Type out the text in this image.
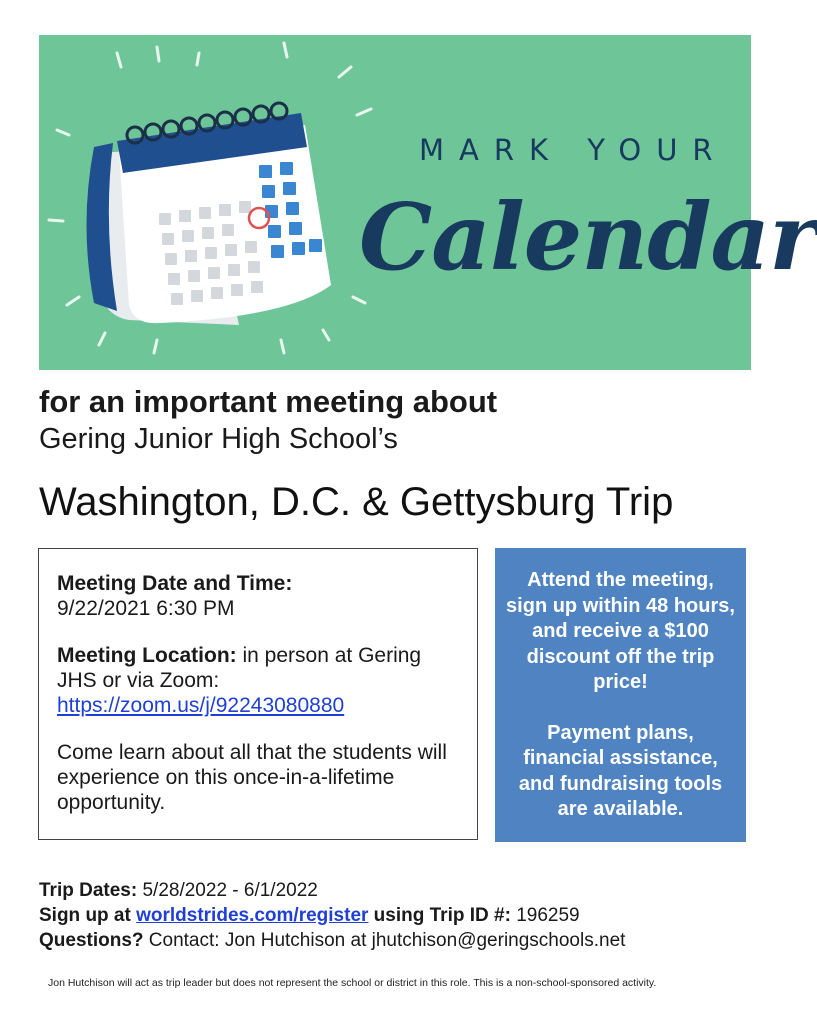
MARK YOUR
Calendar
for an important meeting about
Gering Junior High School’s
Washington, D.C. & Gettysburg Trip

Meeting Date and Time:

9/22/2021 6:30 PM

Meeting Location: in person at Gering JHS or via Zoom:

https://zoom.us/j/92243080880

Come learn about all that the students will experience on this once-in-a-lifetime opportunity.

Attend the meeting, sign up within 48 hours, and receive a $100 discount off the trip price!

Payment plans, financial assistance, and fundraising tools are available.

Trip Dates: 5/28/2022 - 6/1/2022
Sign up at worldstrides.com/register using Trip ID #: 196259
Questions? Contact: Jon Hutchison at jhutchison@geringschools.net
Jon Hutchison will act as trip leader but does not represent the school or district in this role. This is a non-school-sponsored activity.
